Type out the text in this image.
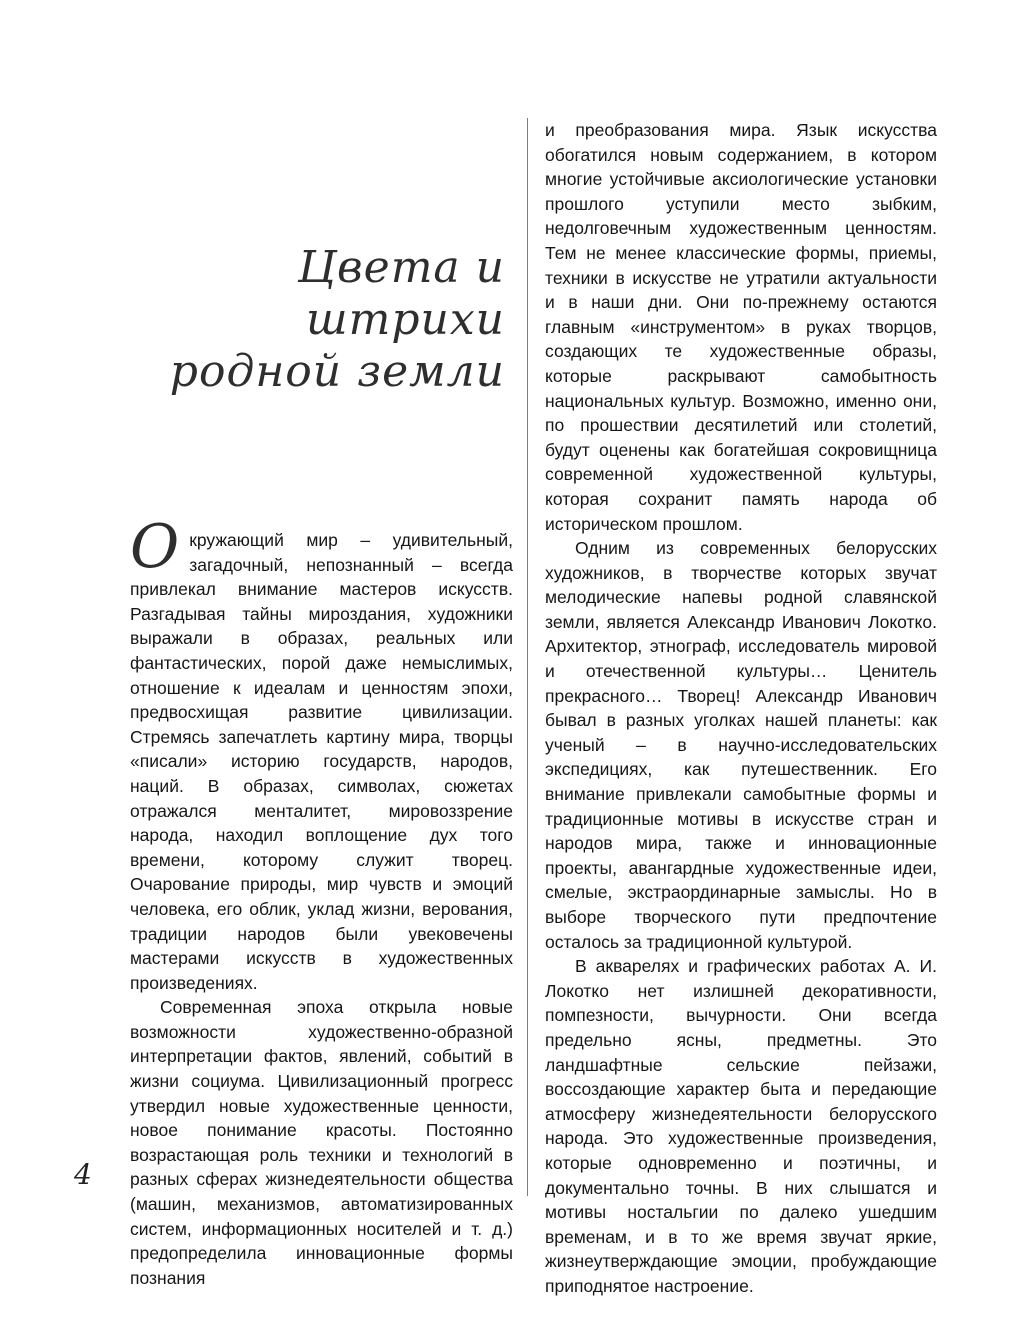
Цвета и штрихи
родной земли

Окружающий мир – удивительный, загадочный, непознанный – всегда привлекал внимание мастеров искусств. Разгадывая тайны мироздания, художники выражали в образах, реальных или фантастических, порой даже немыслимых, отношение к идеалам и ценностям эпохи, предвосхищая развитие цивилизации. Стремясь запечатлеть картину мира, творцы «писали» историю государств, народов, наций. В образах, символах, сюжетах отражался менталитет, мировоззрение народа, находил воплощение дух того времени, которому служит творец. Очарование природы, мир чувств и эмоций человека, его облик, уклад жизни, верования, традиции народов были увековечены мастерами искусств в художественных произведениях.

Современная эпоха открыла новые возможности художественно-образной интерпретации фактов, явлений, событий в жизни социума. Цивилизационный прогресс утвердил новые художественные ценности, новое понимание красоты. Постоянно возрастающая роль техники и технологий в разных сферах жизнедеятельности общества (машин, механизмов, автоматизированных систем, информационных носителей и т. д.) предопределила инновационные формы познания

и преобразования мира. Язык искусства обогатился новым содержанием, в котором многие устойчивые аксиологические установки прошлого уступили место зыбким, недолговечным художественным ценностям. Тем не менее классические формы, приемы, техники в искусстве не утратили актуальности и в наши дни. Они по-прежнему остаются главным «инструментом» в руках творцов, создающих те художественные образы, которые раскрывают самобытность национальных культур. Возможно, именно они, по прошествии десятилетий или столетий, будут оценены как богатейшая сокровищница современной художественной культуры, которая сохранит память народа об историческом прошлом.

Одним из современных белорусских художников, в творчестве которых звучат мелодические напевы родной славянской земли, является Александр Иванович Локотко. Архитектор, этнограф, исследователь мировой и отечественной культуры… Ценитель прекрасного… Творец! Александр Иванович бывал в разных уголках нашей планеты: как ученый – в научно-исследовательских экспедициях, как путешественник. Его внимание привлекали самобытные формы и традиционные мотивы в искусстве стран и народов мира, также и инновационные проекты, авангардные художественные идеи, смелые, экстраординарные замыслы. Но в выборе творческого пути предпочтение осталось за традиционной культурой.

В акварелях и графических работах А. И. Локотко нет излишней декоративности, помпезности, вычурности. Они всегда предельно ясны, предметны. Это ландшафтные сельские пейзажи, воссоздающие характер быта и передающие атмосферу жизнедеятельности белорусского народа. Это художественные произведения, которые одновременно и поэтичны, и документально точны. В них слышатся и мотивы ностальгии по далеко ушедшим временам, и в то же время звучат яркие, жизнеутверждающие эмоции, пробуждающие приподнятое настроение.

4
